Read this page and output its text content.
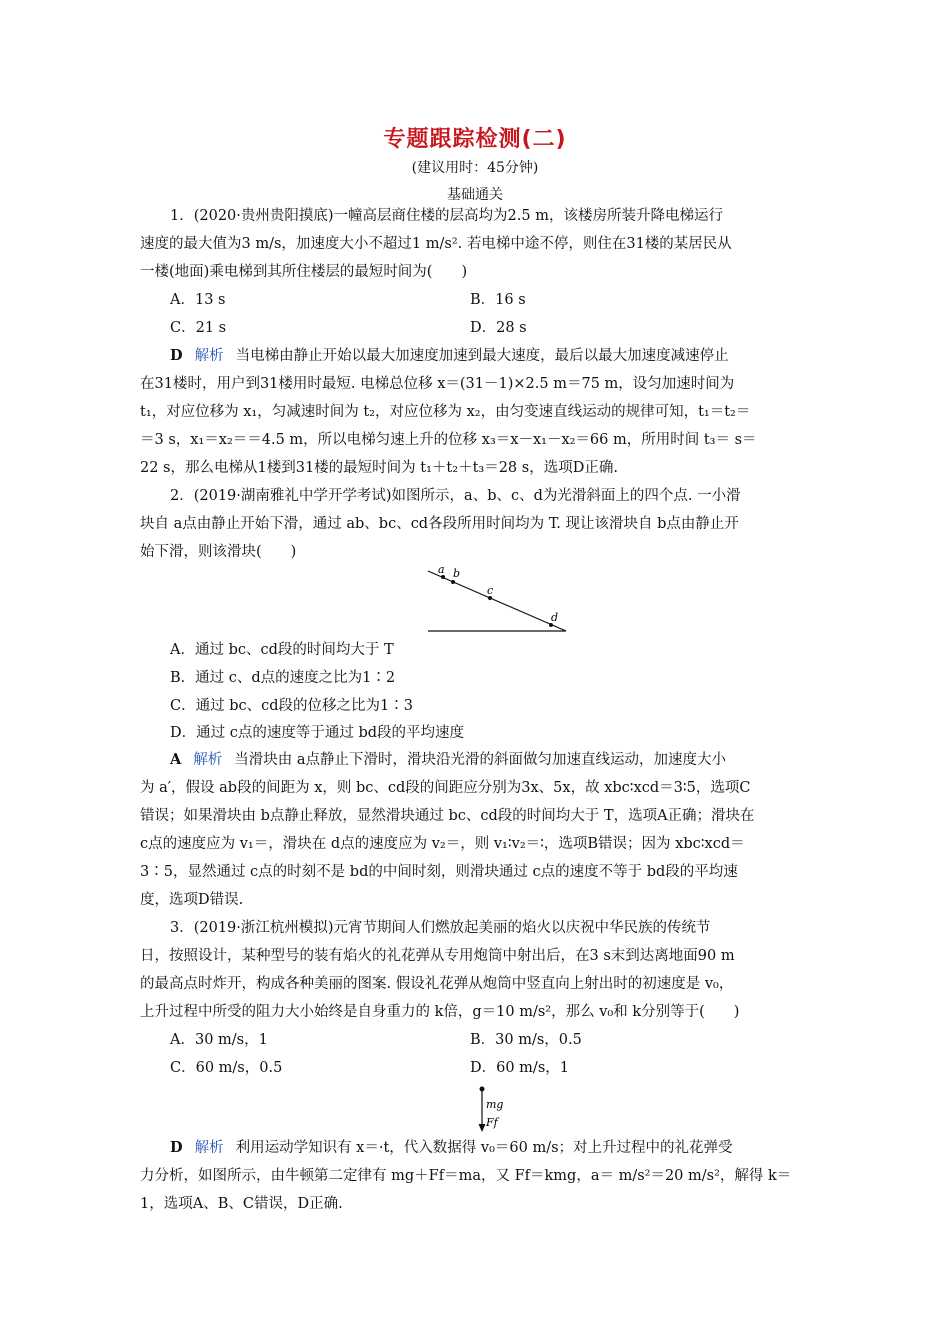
专题跟踪检测(二)
(建议用时：45分钟)
基础通关
1．(2020·贵州贵阳摸底)一幢高层商住楼的层高均为2.5 m，该楼房所装升降电梯运行
速度的最大值为3 m/s，加速度大小不超过1 m/s². 若电梯中途不停，则住在31楼的某居民从
一楼(地面)乘电梯到其所住楼层的最短时间为(　　)
A．13 s	B．16 s
C．21 s	D．28 s
D 解析 当电梯由静止开始以最大加速度加速到最大速度，最后以最大加速度减速停止
在31楼时，用户到31楼用时最短. 电梯总位移 x＝(31－1)×2.5 m＝75 m，设匀加速时间为
t₁，对应位移为 x₁，匀减速时间为 t₂，对应位移为 x₂，由匀变速直线运动的规律可知，t₁＝t₂＝
＝3 s，x₁＝x₂＝＝4.5 m，所以电梯匀速上升的位移 x₃＝x－x₁－x₂＝66 m，所用时间 t₃＝ s＝
22 s，那么电梯从1楼到31楼的最短时间为 t₁＋t₂＋t₃＝28 s，选项D正确.
2．(2019·湖南雅礼中学开学考试)如图所示，a、b、c、d为光滑斜面上的四个点. 一小滑
块自 a点由静止开始下滑，通过 ab、bc、cd各段所用时间均为 T. 现让该滑块自 b点由静止开
始下滑，则该滑块(　　)
a b
c
d
A．通过 bc、cd段的时间均大于 T
B．通过 c、d点的速度之比为1∶2
C．通过 bc、cd段的位移之比为1∶3
D．通过 c点的速度等于通过 bd段的平均速度
A 解析 当滑块由 a点静止下滑时，滑块沿光滑的斜面做匀加速直线运动，加速度大小
为 a′，假设 ab段的间距为 x，则 bc、cd段的间距应分别为3x、5x，故 xbc∶xcd＝3∶5，选项C
错误；如果滑块由 b点静止释放，显然滑块通过 bc、cd段的时间均大于 T，选项A正确；滑块在
c点的速度应为 v₁＝，滑块在 d点的速度应为 v₂＝，则 v₁∶v₂＝∶，选项B错误；因为 xbc∶xcd＝
3∶5，显然通过 c点的时刻不是 bd的中间时刻，则滑块通过 c点的速度不等于 bd段的平均速
度，选项D错误.
3．(2019·浙江杭州模拟)元宵节期间人们燃放起美丽的焰火以庆祝中华民族的传统节
日，按照设计，某种型号的装有焰火的礼花弹从专用炮筒中射出后，在3 s末到达离地面90 m
的最高点时炸开，构成各种美丽的图案. 假设礼花弹从炮筒中竖直向上射出时的初速度是 v₀，
上升过程中所受的阻力大小始终是自身重力的 k倍，g＝10 m/s²，那么 v₀和 k分别等于(　　)
A．30 m/s，1	B．30 m/s，0.5
C．60 m/s，0.5	D．60 m/s，1
mg
Ff
D 解析 利用运动学知识有 x＝·t，代入数据得 v₀＝60 m/s；对上升过程中的礼花弹受
力分析，如图所示，由牛顿第二定律有 mg＋Ff＝ma，又 Ff＝kmg，a＝ m/s²＝20 m/s²，解得 k＝
1，选项A、B、C错误，D正确.
